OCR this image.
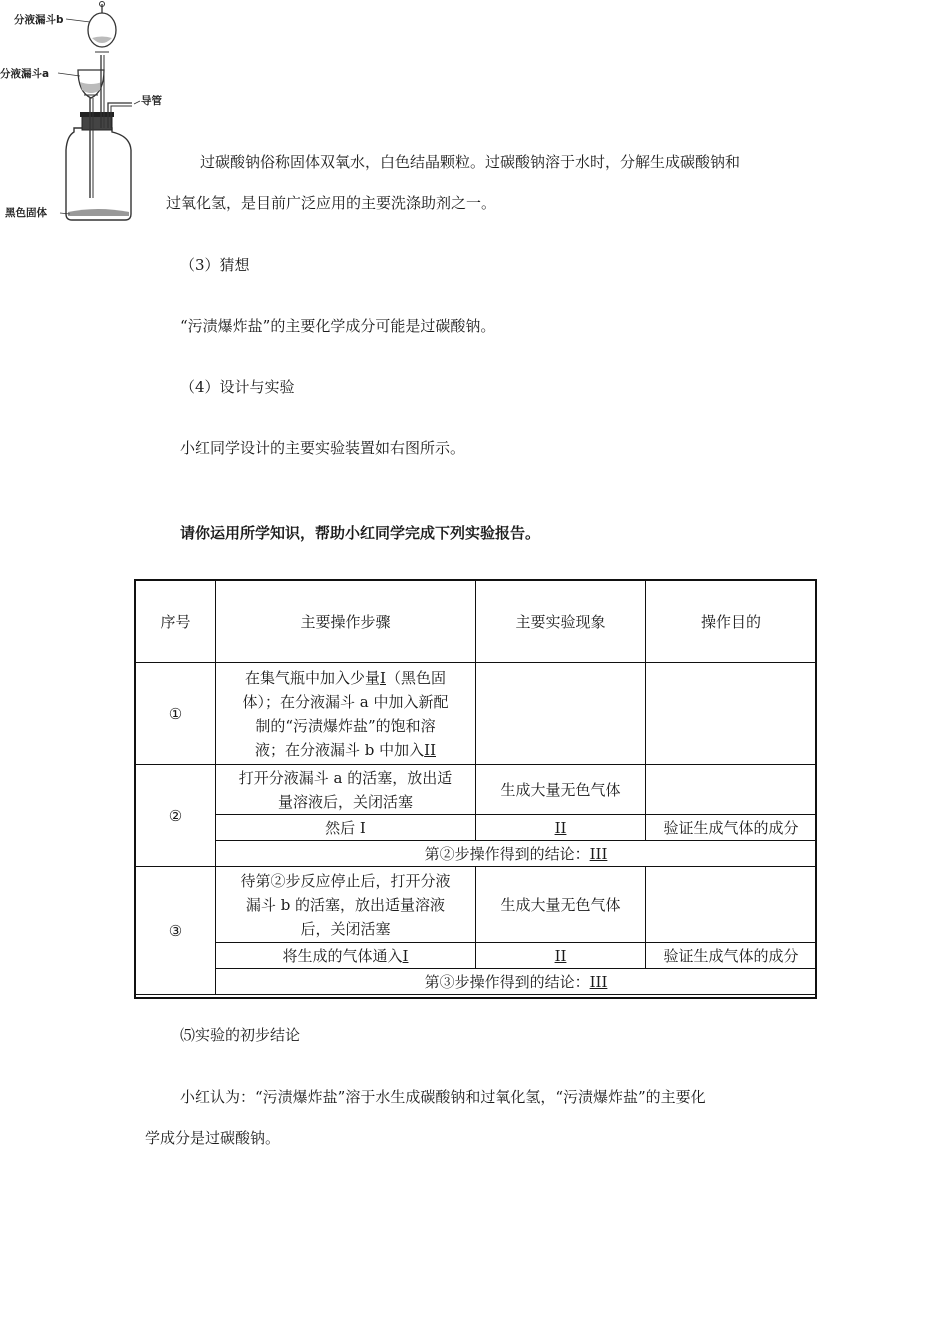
分液漏斗b
分液漏斗a
导管
黑色固体
过碳酸钠俗称固体双氧水，白色结晶颗粒。过碳酸钠溶于水时，分解生成碳酸钠和
过氧化氢，是目前广泛应用的主要洗涤助剂之一。
（3）猜想
“污渍爆炸盐”的主要化学成分可能是过碳酸钠。
（4）设计与实验
小红同学设计的主要实验装置如右图所示。
请你运用所学知识，帮助小红同学完成下列实验报告。
序号	主要操作步骤	主要实验现象	操作目的
①	在集气瓶中加入少量I（黑色固
体）；在分液漏斗 a 中加入新配
制的“污渍爆炸盐”的饱和溶
液；在分液漏斗 b 中加入II		

②	打开分液漏斗 a 的活塞，放出适
量溶液后，关闭活塞	生成大量无色气体	
	然后 I	II	验证生成气体的成分
	第②步操作得到的结论：III		
③	待第②步反应停止后，打开分液
漏斗 b 的活塞，放出适量溶液
后，关闭活塞	生成大量无色气体	
	将生成的气体通入I	II	验证生成气体的成分
	第③步操作得到的结论：III		
⑸实验的初步结论
小红认为：“污渍爆炸盐”溶于水生成碳酸钠和过氧化氢，“污渍爆炸盐”的主要化
学成分是过碳酸钠。
